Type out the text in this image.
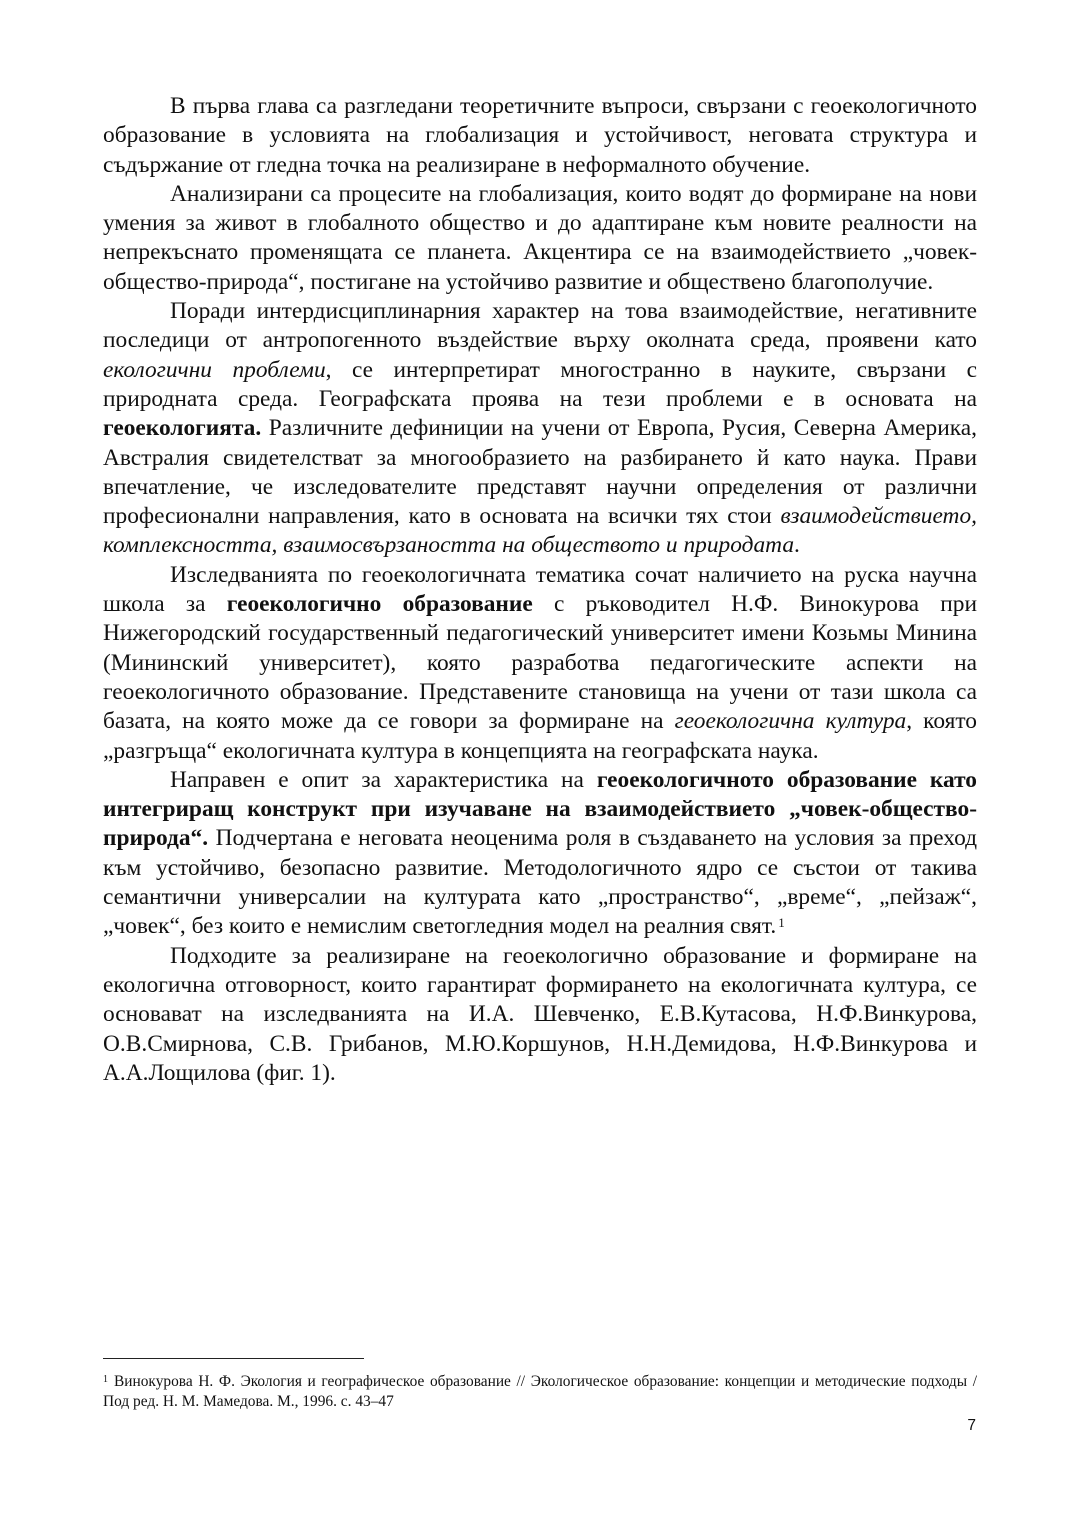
В първа глава са разгледани теоретичните въпроси, свързани с геоекологичното образование в условията на глобализация и устойчивост, неговата структура и съдържание от гледна точка на реализиране в неформалното обучение.

Анализирани са процесите на глобализация, които водят до формиране на нови умения за живот в глобалното общество и до адаптиране към новите реалности на непрекъснато променящата се планета. Акцентира се на взаимодействието „човек-общество-природа“, постигане на устойчиво развитие и обществено благополучие.

Поради интердисциплинарния характер на това взаимодействие, негативните последици от антропогенното въздействие върху околната среда, проявени като екологични проблеми, се интерпретират многостранно в науките, свързани с природната среда. Географската проява на тези проблеми е в основата на геоекологията. Различните дефиниции на учени от Европа, Русия, Северна Америка, Австралия свидетелстват за многообразието на разбирането й като наука. Прави впечатление, че изследователите представят научни определения от различни професионални направления, като в основата на всички тях стои взаимодействието, комплексността, взаимосвързаността на обществото и природата.

Изследванията по геоекологичната тематика сочат наличието на руска научна школа за геоекологично образование с ръководител Н.Ф. Винокурова при Нижегородский государственный педагогический университет имени Козьмы Минина (Мининский университет), която разработва педагогическите аспекти на геоекологичното образование. Представените становища на учени от тази школа са базата, на която може да се говори за формиране на геоекологична култура, която „разгръща“ екологичната култура в концепцията на географската наука.

Направен е опит за характеристика на геоекологичното образование като интегриращ конструкт при изучаване на взаимодействието „човек-общество-природа“. Подчертана е неговата неоценима роля в създаването на условия за преход към устойчиво, безопасно развитие. Методологичното ядро се състои от такива семантични универсалии на културата като „пространство“, „време“, „пейзаж“, „човек“, без които е немислим светогледния модел на реалния свят. $^1$

Подходите за реализиране на геоекологично образование и формиране на екологична отговорност, които гарантират формирането на екологичната култура, се основават на изследванията на И.А. Шевченко, Е.В.Кутасова, Н.Ф.Винкурова, О.В.Смирнова, С.В. Грибанов, М.Ю.Коршунов, Н.Н.Демидова, Н.Ф.Винкурова и А.А.Лощилова (фиг. 1).

$^1$ Винокурова Н. Ф. Экология и географическое образование // Экологическое образование: концепции и методические подходы / Под ред. Н. М. Мамедова. М., 1996. с. 43–47

7
